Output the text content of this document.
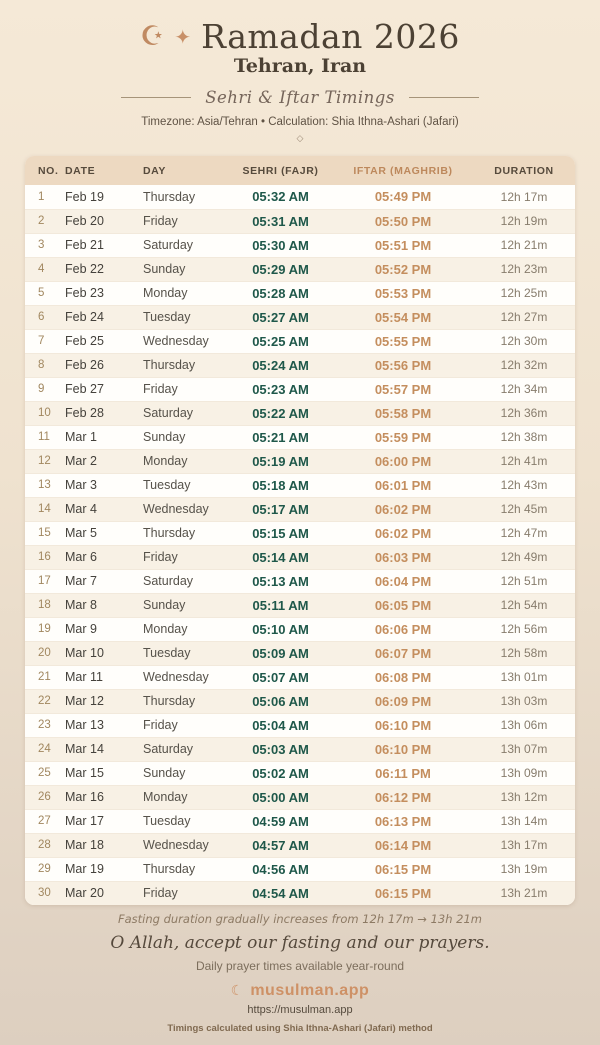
☪ ✦ Ramadan 2026
Tehran, Iran
Sehri & Iftar Timings
Timezone: Asia/Tehran • Calculation: Shia Ithna-Ashari (Jafari)
◇
NO.	DATE	DAY	SEHRI (FAJR)	IFTAR (MAGHRIB)	DURATION
1	Feb 19	Thursday	05:32 AM	05:49 PM	12h 17m
2	Feb 20	Friday	05:31 AM	05:50 PM	12h 19m
3	Feb 21	Saturday	05:30 AM	05:51 PM	12h 21m
4	Feb 22	Sunday	05:29 AM	05:52 PM	12h 23m
5	Feb 23	Monday	05:28 AM	05:53 PM	12h 25m
6	Feb 24	Tuesday	05:27 AM	05:54 PM	12h 27m
7	Feb 25	Wednesday	05:25 AM	05:55 PM	12h 30m
8	Feb 26	Thursday	05:24 AM	05:56 PM	12h 32m
9	Feb 27	Friday	05:23 AM	05:57 PM	12h 34m
10	Feb 28	Saturday	05:22 AM	05:58 PM	12h 36m
11	Mar 1	Sunday	05:21 AM	05:59 PM	12h 38m
12	Mar 2	Monday	05:19 AM	06:00 PM	12h 41m
13	Mar 3	Tuesday	05:18 AM	06:01 PM	12h 43m
14	Mar 4	Wednesday	05:17 AM	06:02 PM	12h 45m
15	Mar 5	Thursday	05:15 AM	06:02 PM	12h 47m
16	Mar 6	Friday	05:14 AM	06:03 PM	12h 49m
17	Mar 7	Saturday	05:13 AM	06:04 PM	12h 51m
18	Mar 8	Sunday	05:11 AM	06:05 PM	12h 54m
19	Mar 9	Monday	05:10 AM	06:06 PM	12h 56m
20	Mar 10	Tuesday	05:09 AM	06:07 PM	12h 58m
21	Mar 11	Wednesday	05:07 AM	06:08 PM	13h 01m
22	Mar 12	Thursday	05:06 AM	06:09 PM	13h 03m
23	Mar 13	Friday	05:04 AM	06:10 PM	13h 06m
24	Mar 14	Saturday	05:03 AM	06:10 PM	13h 07m
25	Mar 15	Sunday	05:02 AM	06:11 PM	13h 09m
26	Mar 16	Monday	05:00 AM	06:12 PM	13h 12m
27	Mar 17	Tuesday	04:59 AM	06:13 PM	13h 14m
28	Mar 18	Wednesday	04:57 AM	06:14 PM	13h 17m
29	Mar 19	Thursday	04:56 AM	06:15 PM	13h 19m
30	Mar 20	Friday	04:54 AM	06:15 PM	13h 21m
Fasting duration gradually increases from 12h 17m → 13h 21m
O Allah, accept our fasting and our prayers.
Daily prayer times available year-round
☾ musulman.app
https://musulman.app
Timings calculated using Shia Ithna-Ashari (Jafari) method
